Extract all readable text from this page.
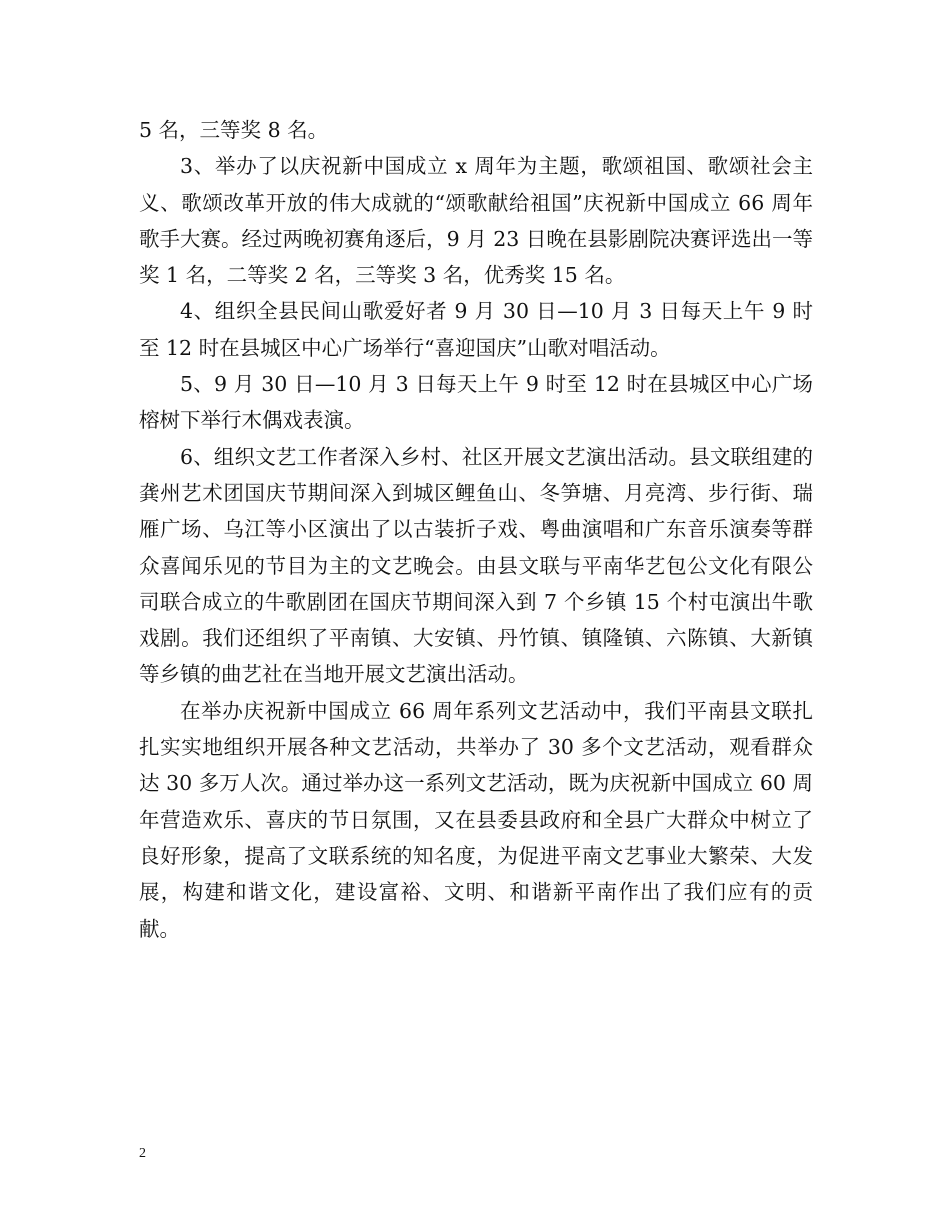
5 名，三等奖 8 名。

3、举办了以庆祝新中国成立 x 周年为主题，歌颂祖国、歌颂社会主义、歌颂改革开放的伟大成就的“颂歌献给祖国”庆祝新中国成立 66 周年歌手大赛。经过两晚初赛角逐后，9 月 23 日晚在县影剧院决赛评选出一等奖 1 名，二等奖 2 名，三等奖 3 名，优秀奖 15 名。

4、组织全县民间山歌爱好者 9 月 30 日—10 月 3 日每天上午 9 时至 12 时在县城区中心广场举行“喜迎国庆”山歌对唱活动。

5、9 月 30 日—10 月 3 日每天上午 9 时至 12 时在县城区中心广场榕树下举行木偶戏表演。

6、组织文艺工作者深入乡村、社区开展文艺演出活动。县文联组建的龚州艺术团国庆节期间深入到城区鲤鱼山、冬笋塘、月亮湾、步行街、瑞雁广场、乌江等小区演出了以古装折子戏、粤曲演唱和广东音乐演奏等群众喜闻乐见的节目为主的文艺晚会。由县文联与平南华艺包公文化有限公司联合成立的牛歌剧团在国庆节期间深入到 7 个乡镇 15 个村屯演出牛歌戏剧。我们还组织了平南镇、大安镇、丹竹镇、镇隆镇、六陈镇、大新镇等乡镇的曲艺社在当地开展文艺演出活动。

在举办庆祝新中国成立 66 周年系列文艺活动中，我们平南县文联扎扎实实地组织开展各种文艺活动，共举办了 30 多个文艺活动，观看群众达 30 多万人次。通过举办这一系列文艺活动，既为庆祝新中国成立 60 周年营造欢乐、喜庆的节日氛围，又在县委县政府和全县广大群众中树立了良好形象，提高了文联系统的知名度，为促进平南文艺事业大繁荣、大发展，构建和谐文化，建设富裕、文明、和谐新平南作出了我们应有的贡献。

2
